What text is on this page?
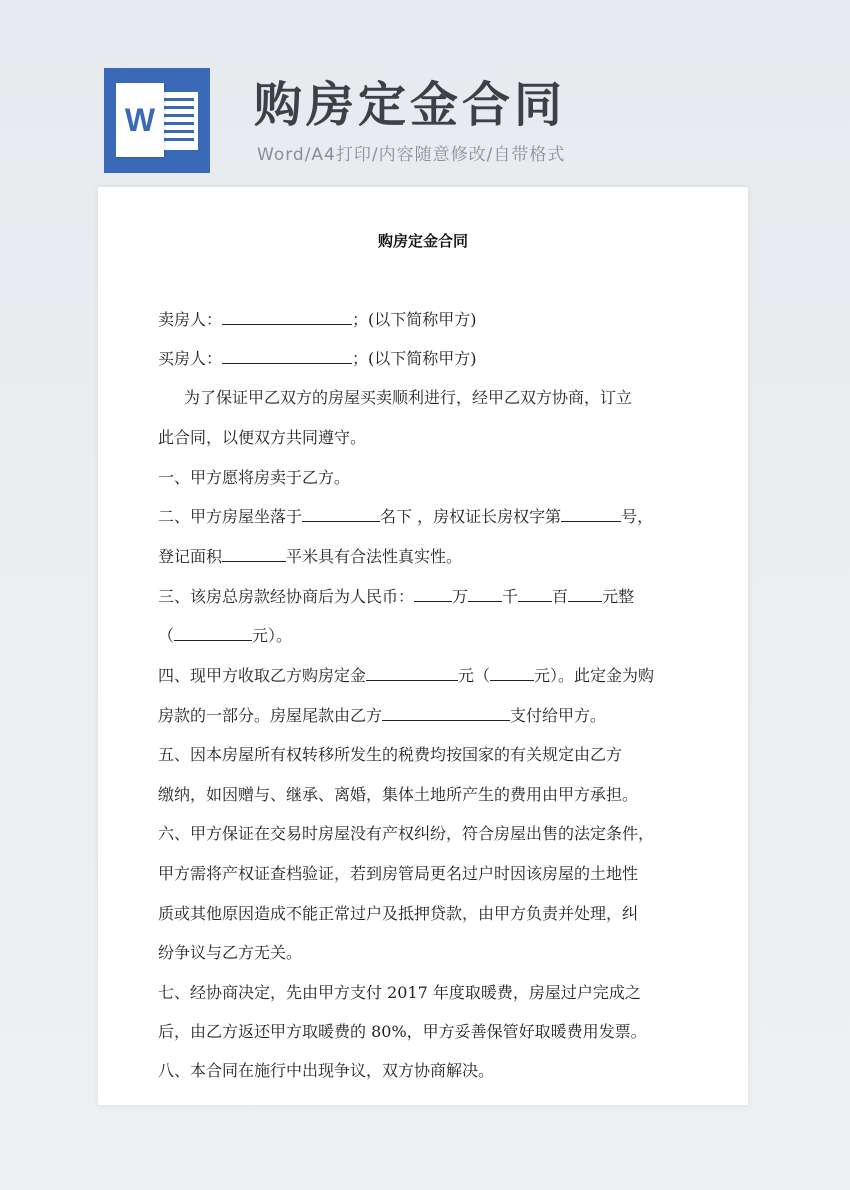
W 购房定金合同
Word/A4打印/内容随意修改/自带格式
购房定金合同
卖房人：	；(以下简称甲方)
买房人：	；(以下简称甲方)
为了保证甲乙双方的房屋买卖顺利进行，经甲乙双方协商，订立
此合同，以便双方共同遵守。
一、甲方愿将房卖于乙方。
二、甲方房屋坐落于	名下 ，房权证长房权字第	号，
登记面积	平米具有合法性真实性。
三、该房总房款经协商后为人民币： 万 千 百 元整
（	元）。
四、现甲方收取乙方购房定金	元（	元）。此定金为购
房款的一部分。房屋尾款由乙方	支付给甲方。
五、因本房屋所有权转移所发生的税费均按国家的有关规定由乙方
缴纳，如因赠与、继承、离婚，集体土地所产生的费用由甲方承担。
六、甲方保证在交易时房屋没有产权纠纷，符合房屋出售的法定条件，
甲方需将产权证查档验证，若到房管局更名过户时因该房屋的土地性
质或其他原因造成不能正常过户及抵押贷款，由甲方负责并处理，纠
纷争议与乙方无关。
七、经协商决定，先由甲方支付 2017 年度取暖费，房屋过户完成之
后，由乙方返还甲方取暖费的 80%，甲方妥善保管好取暖费用发票。
八、本合同在施行中出现争议，双方协商解决。
